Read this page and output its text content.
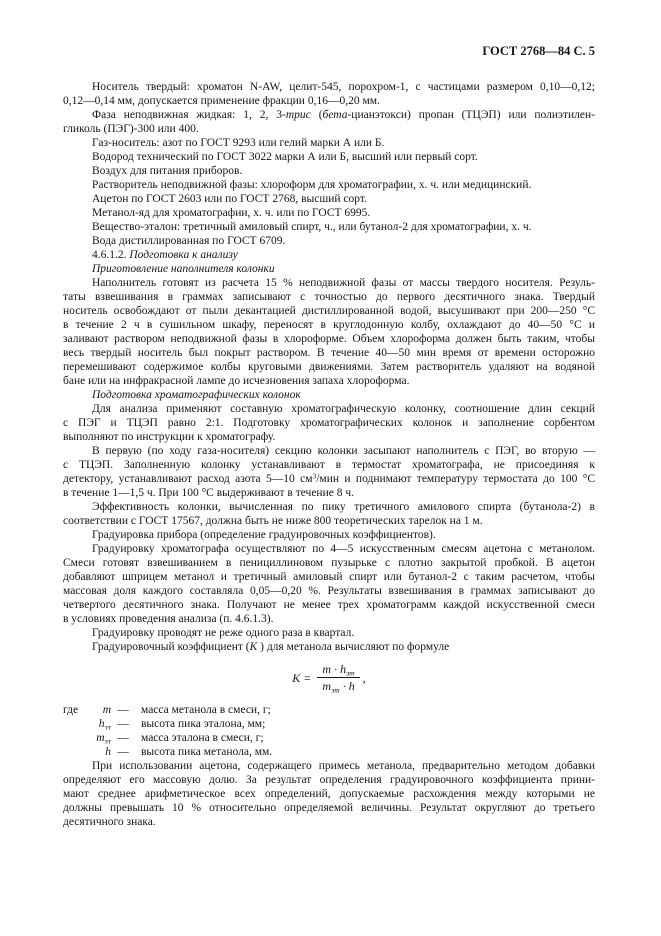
ГОСТ 2768—84 С. 5
Носитель твердый: хроматон N-AW, целит-545, порохром-1, с частицами размером 0,10—0,12;
0,12—0,14 мм, допускается применение фракции 0,16—0,20 мм.
Фаза неподвижная жидкая: 1, 2, 3-трис (бета-цианэтокси) пропан (ТЦЭП) или полиэтилен-
гликоль (ПЭГ)-300 или 400.
Газ-носитель: азот по ГОСТ 9293 или гелий марки А или Б.
Водород технический по ГОСТ 3022 марки А или Б, высший или первый сорт.
Воздух для питания приборов.
Растворитель неподвижной фазы: хлороформ для хроматографии, х. ч. или медицинский.
Ацетон по ГОСТ 2603 или по ГОСТ 2768, высший сорт.
Метанол-яд для хроматографии, х. ч. или по ГОСТ 6995.
Вещество-эталон: третичный амиловый спирт, ч., или бутанол-2 для хроматографии, х. ч.
Вода дистиллированная по ГОСТ 6709.
4.6.1.2. Подготовка к анализу
Приготовление наполнителя колонки
Наполнитель готовят из расчета 15 % неподвижной фазы от массы твердого носителя. Резуль-
таты взвешивания в граммах записывают с точностью до первого десятичного знака. Твердый
носитель освобождают от пыли декантацией дистиллированной водой, высушивают при 200—250 °С
в течение 2 ч в сушильном шкафу, переносят в круглодонную колбу, охлаждают до 40—50 °С и
заливают раствором неподвижной фазы в хлороформе. Объем хлороформа должен быть таким, чтобы
весь твердый носитель был покрыт раствором. В течение 40—50 мин время от времени осторожно
перемешивают содержимое колбы круговыми движениями. Затем растворитель удаляют на водяной
бане или на инфракрасной лампе до исчезновения запаха хлороформа.
Подготовка хроматографических колонок
Для анализа применяют составную хроматографическую колонку, соотношение длин секций
с ПЭГ и ТЦЭП равно 2:1. Подготовку хроматографических колонок и заполнение сорбентом
выполняют по инструкции к хроматографу.
В первую (по ходу газа-носителя) секцию колонки засыпают наполнитель с ПЭГ, во вторую —
с ТЦЭП. Заполненную колонку устанавливают в термостат хроматографа, не присоединяя к
детектору, устанавливают расход азота 5—10 $см^3$/мин и поднимают температуру термостата до 100 °С
в течение 1—1,5 ч. При 100 °С выдерживают в течение 8 ч.
Эффективность колонки, вычисленная по пику третичного амилового спирта (бутанола-2) в
соответствии с ГОСТ 17567, должна быть не ниже 800 теоретических тарелок на 1 м.
Градуировка прибора (определение градуировочных коэффициентов).
Градуировку хроматографа осуществляют по 4—5 искусственным смесям ацетона с метанолом.
Смеси готовят взвешиванием в пенициллиновом пузырьке с плотно закрытой пробкой. В ацетон
добавляют шприцем метанол и третичный амиловый спирт или бутанол-2 с таким расчетом, чтобы
массовая доля каждого составляла 0,05—0,20 %. Результаты взвешивания в граммах записывают до
четвертого десятичного знака. Получают не менее трех хроматограмм каждой искусственной смеси
в условиях проведения анализа (п. 4.6.1.3).
Градуировку проводят не реже одного раза в квартал.
Градуировочный коэффициент (К ) для метанола вычисляют по формуле
$K = \frac{m \cdot h_{эт}}{m_{эт} \cdot h}$ ,
где	m —	масса метанола в смеси, г;
$h_{эт}$ —	высота пика эталона, мм;
$m_{эт}$ —	масса эталона в смеси, г;
h —	высота пика метанола, мм.
При использовании ацетона, содержащего примесь метанола, предварительно методом добавки
определяют его массовую долю. За результат определения градуировочного коэффициента прини-
мают среднее арифметическое всех определений, допускаемые расхождения между которыми не
должны превышать 10 % относительно определяемой величины. Результат округляют до третьего
десятичного знака.
